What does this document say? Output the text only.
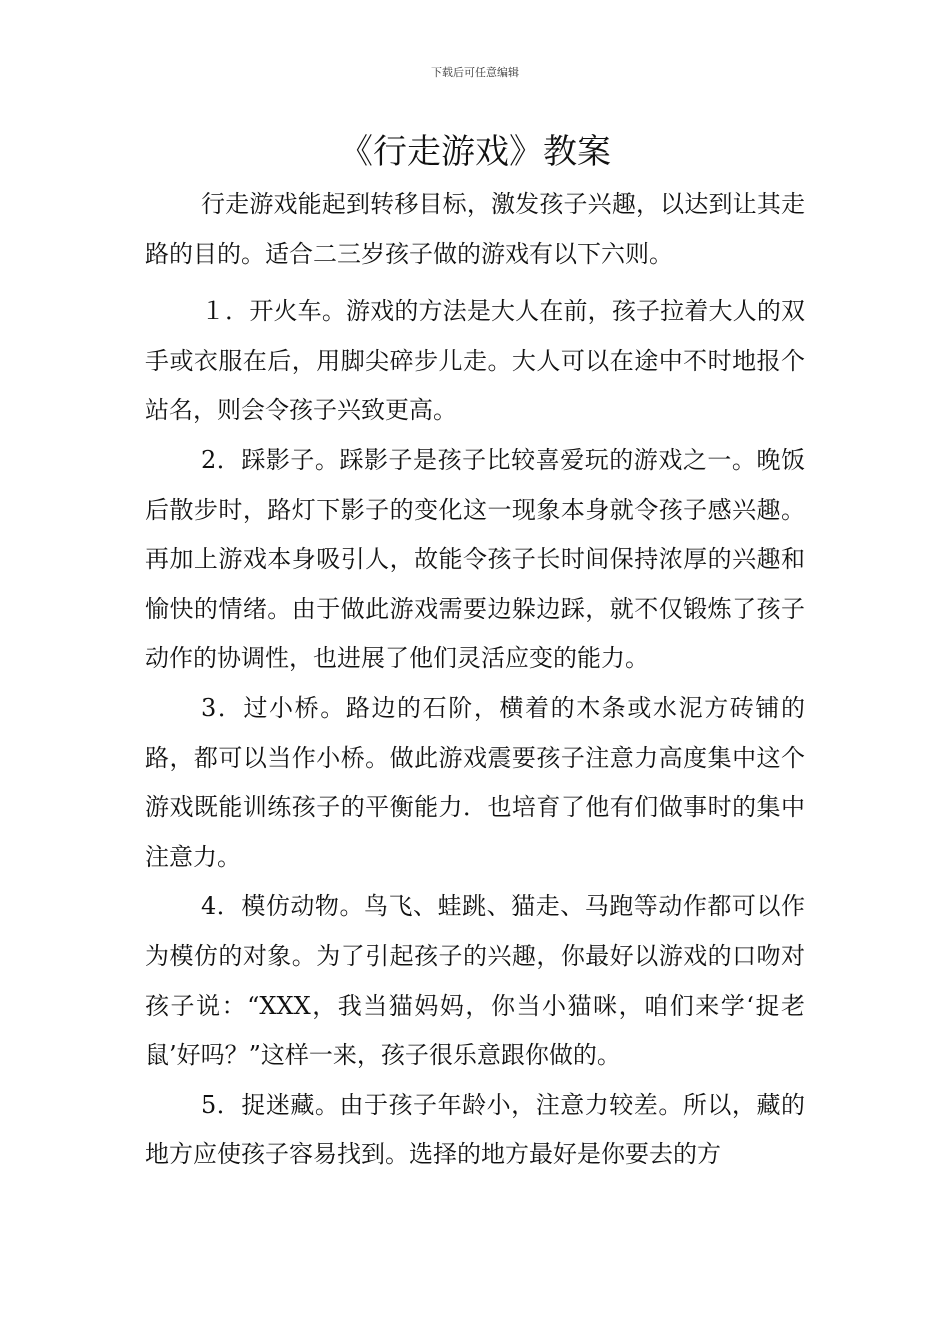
下载后可任意编辑
《行走游戏》教案

行走游戏能起到转移目标，激发孩子兴趣，以达到让其走路的目的。适合二三岁孩子做的游戏有以下六则。

１．开火车。游戏的方法是大人在前，孩子拉着大人的双手或衣服在后，用脚尖碎步儿走。大人可以在途中不时地报个站名，则会令孩子兴致更高。

2．踩影子。踩影子是孩子比较喜爱玩的游戏之一。晚饭后散步时，路灯下影子的变化这一现象本身就令孩子感兴趣。再加上游戏本身吸引人，故能令孩子长时间保持浓厚的兴趣和愉快的情绪。由于做此游戏需要边躲边踩，就不仅锻炼了孩子动作的协调性，也进展了他们灵活应变的能力。

3．过小桥。路边的石阶，横着的木条或水泥方砖铺的路，都可以当作小桥。做此游戏震要孩子注意力高度集中这个游戏既能训练孩子的平衡能力．也培育了他有们做事时的集中注意力。

4．模仿动物。鸟飞、蛙跳、猫走、马跑等动作都可以作为模仿的对象。为了引起孩子的兴趣，你最好以游戏的口吻对孩子说：“XXX，我当猫妈妈，你当小猫咪，咱们来学‘捉老鼠’好吗？”这样一来，孩子很乐意跟你做的。

5．捉迷藏。由于孩子年龄小，注意力较差。所以，藏的地方应使孩子容易找到。选择的地方最好是你要去的方
